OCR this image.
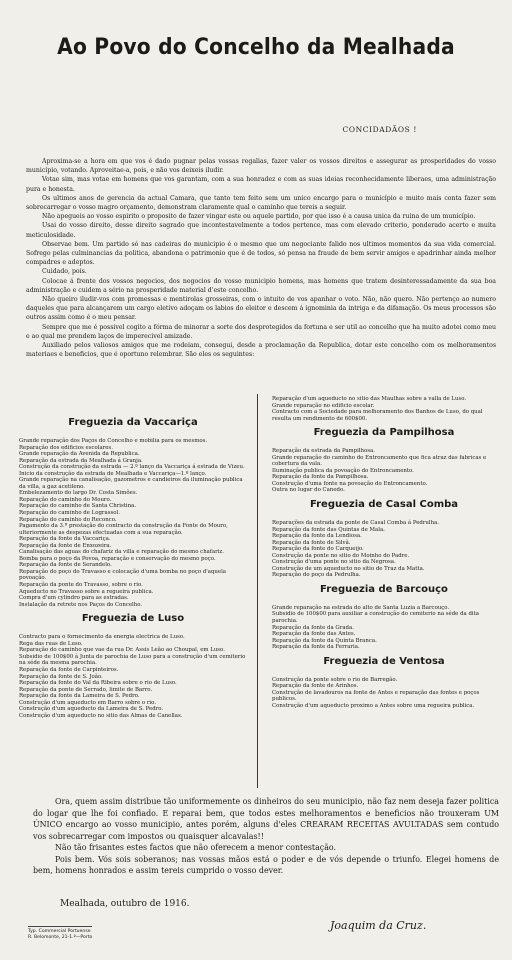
Ao Povo do Concelho da Mealhada
CONCIDADÃOS !

Aproxima-se a hora em que vos é dado pugnar pelas vossas regalias, fazer valer os vossos direitos e assegurar as prosperidades do vosso município, votando. Aproveitae-a, pois, e não vos deixeis iludir.

Votae sim, mas votae em homens que vos garantam, com a sua honradez e com as suas ideias reconhecidamente liberaes, uma administração pura e honesta.

Os ultimos anos de gerencia da actual Camara, que tanto tem feito sem um unico encargo para o município e muito mais conta fazer sem sobrecarregar o vosso magro orçamento, demonstram claramente qual o caminho que tereis a seguir.

Não apegueis ao vosso espirito o proposito de fazer vingar este ou aquele partido, por que isso é a causa unica da ruina de um município.

Usai do vosso direito, desse direito sagrado que incontestavelmente a todos pertence, mas com elevado criterio, ponderado acerto e muita meticulosidade.

Observae bem. Um partido só nas cadeiras do municipio é o mesmo que um negociante falido nos ultimos momentos da sua vida comercial. Sofrego pelas culminancias da politica, abandona o patrimonio que é de todos, só pensa na fraude de bem servir amigos e apadrinhar ainda melhor compadres e adeptos.

Cuidado, pois.

Colocae á frente dos vossos negocios, dos negocios do vosso municipio homens, mas homens que tratem desinteressadamente da sua boa administração e cuidem a sério na prosperidade material d'este concelho.

Não queiro iludir-vos com promessas e mentirolas grosseiras, com o intuito de vos apanhar o voto. Não, não quero. Não pertenço ao numero daqueles que para alcançarem um cargo eletivo adoçam os labios do eleitor e descem á ignominia da intriga e da difamação. Os meus processos são outros assim como é o meu pensar.

Sempre que me é possivel cogito a fórma de minorar a sorte dos desprotegidos da fortuna e ser util ao concelho que ha muito adotei como meu e ao qual me prendem laços de imperecivel amizade.

Auxiliado pelos valiosos amigos que me rodeiam, consegui, desde a proclamação da Republica, dotar este concelho com os melhoramentos materiaes e beneficios, que é oportuno relembrar. São eles os seguintes:

Freguezia da Vaccariça
Grande reparação dos Paços do Concelho e mobilia para os mesmos.
Reparação dos edificios escolares.
Grande reparação da Avenida da Republica.
Reparação da estrada da Mealhada á Granja.
Construção da construção da estrada — 2.º lanço da Vaccariça á estrada de Vizeu.
Inicio da construção da estrada de Mealhada e Vaccariça—1.º lanço.
Grande reparação na canalisação, gazometros e candieiros da iluminação publica da villa, a gaz acetileno.
Embelezamento do largo Dr. Costa Simões.
Reparação do caminho do Mouro.
Reparação do caminho de Santa Christina.
Reparação do caminho de Lograssol.
Reparação do caminho do Reconco.
Pagamento da 3.ª prestação do contracto da construção da Fonte do Mouro, ulteriormente as despezas efectuadas com a sua reparação.
Reparação da fonte da Vaccariça.
Reparação da fonte de Enxozeira.
Canalisação das aguas do chafariz da villa e reparação do mesmo chafariz.
Bomba para o poço da Povoa, reparação e conservação do mesmo poço.
Reparação da fonte de Serandelo.
Reparação do poço do Travasso e colocação d'uma bomba no poço d'aquela povoação.
Reparação da ponte do Travasso, sobre o rio.
Aqueducto no Travasso sobre a regueira publica.
Compra d'um cylindro para as estradas.
Instalação da retrete nos Paços do Concelho.
Freguezia de Luso
Contracto para o fornecimento da energia electrica de Luso.
Rega das ruas de Luso.
Reparação do caminho que vae da rua Dr. Assis Leão ao Choupal, em Luso.
Subsidio de 100$00 á Junta de parochia de Luso para a construção d'um cemiterio na séde da mesma parochia.
Reparação da fonte de Carpinteiros.
Reparação da fonte de S. João.
Reparação da fonte do Val da Ribeira sobre o rio de Luso.
Reparação da ponte de Serrado, limite de Barro.
Reparação da fonte da Lameira de S. Pedro.
Construção d'um aqueducto em Barro sobre o rio.
Construção d'um aqueducto da Lameira de S. Pedro.
Construção d'um aqueducto no sitio das Almas de Canellas.
Reparação d'um aqueducto no sitio das Maulhas sobre a valla de Luso.
Grande reparação no edificio escolar.
Contracto com a Sociedade para melhoramento dos Banhos de Luso, do qual resulta um rendimento de 600$00.
Freguezia da Pampilhosa
Reparação da estrada da Pampilhosa.
Grande reparação do caminho do Entroncamento que fica atraz das fabricas e cobertura da vala.
Iluminação publica da povoação do Entroncamento.
Reparação da fonte da Pampilhosa.
Construção d'uma fonte na povoação do Entroncamento.
Outra no lugar do Canedo.
Freguezia de Casal Comba
Reparações da estrada da ponte de Casal Comba á Pedrulha.
Reparação da fonte das Quintas de Mala.
Reparação da fonte da Lendiosa.
Reparação da fonte de Silvã.
Reparação da fonte do Carqueijo.
Construção da ponte no sitio do Moinho do Padre.
Construção d'uma ponte no sitio da Negrosa.
Construção de um aqueducto no sitio de Traz da Matta.
Reparação do poço da Pedrulha.
Freguezia de Barcouço
Grande reparação na estrada do alto de Santa Luzia a Barcouço.
Subsidio de 100$00 para auxiliar a construção do cemiterio na séde da dita parochia.
Reparação da fonte da Grada.
Reparação da fonte das Antes.
Reparação da fonte da Quinta Branca.
Reparação da fonte da Ferraria.
Freguezia de Ventosa
Construção da ponte sobre o rio de Barregão.
Reparação da fonte de Arinhos.
Construção de lavadouros na fonte de Antes e reparação das fontes e poços publicos.
Construção d'um aqueducto proximo a Antes sobre uma regueira publica.

Ora, quem assim distribue tão uniformemente os dinheiros do seu municipio, não faz nem deseja fazer politica do logar que lhe foi confiado. E reparai bem, que todos estes melhoramentos e beneficios não trouxeram UM ÚNICO encargo ao vosso municipio, antes porém, alguns d'eles CREARAM RECEITAS AVULTADAS sem contudo vos sobrecarregar com impostos ou quaisquer alcavalas!!

Não tão frisantes estes factos que não oferecem a menor contestação.

Pois bem. Vós sois soberanos; nas vossas mãos está o poder e de vós depende o triunfo. Elegei homens de bem, homens honrados e assim tereis cumprido o vosso dever.

Mealhada, outubro de 1916.
Joaquim da Cruz.
Typ. Commercial Portuense
R. Belomonte, 21-1.º—Porto
